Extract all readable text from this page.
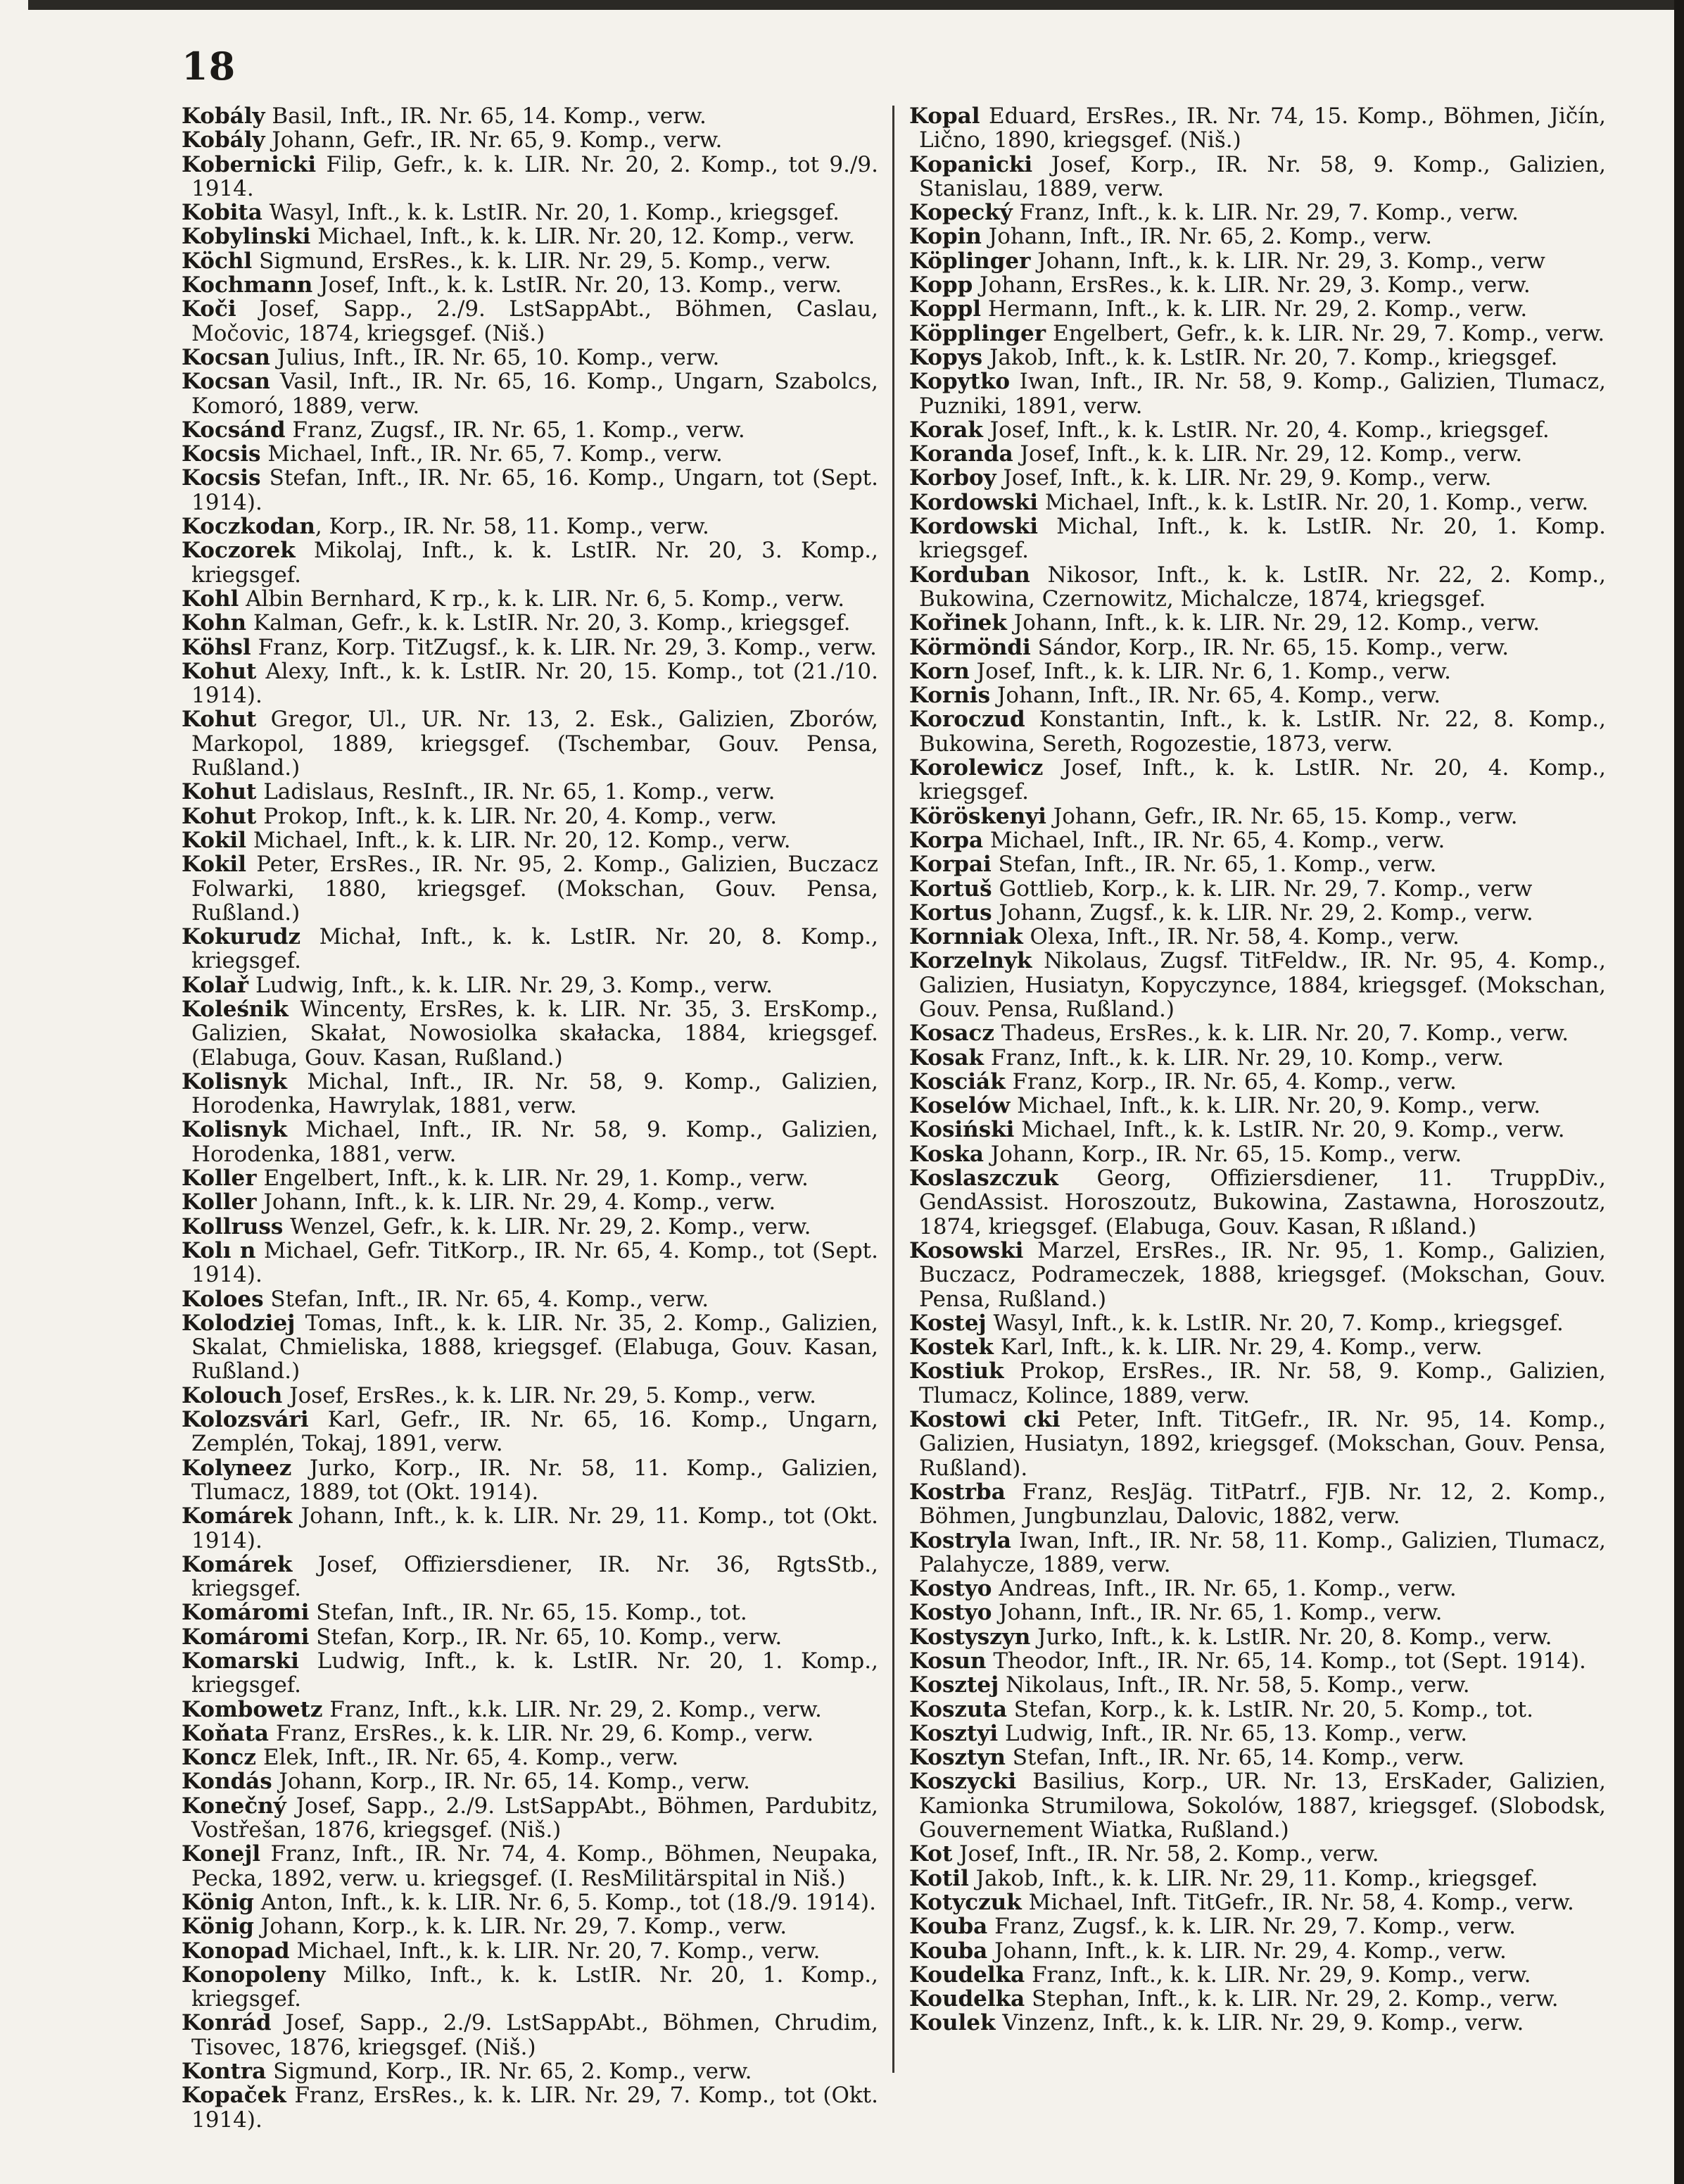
18

Kobály Basil, Inft., IR. Nr. 65, 14. Komp., verw.

Kobály Johann, Gefr., IR. Nr. 65, 9. Komp., verw.

Kobernicki Filip, Gefr., k. k. LIR. Nr. 20, 2. Komp., tot 9./9. 1914.

Kobita Wasyl, Inft., k. k. LstIR. Nr. 20, 1. Komp., kriegsgef.

Kobylinski Michael, Inft., k. k. LIR. Nr. 20, 12. Komp., verw.

Köchl Sigmund, ErsRes., k. k. LIR. Nr. 29, 5. Komp., verw.

Kochmann Josef, Inft., k. k. LstIR. Nr. 20, 13. Komp., verw.

Koči Josef, Sapp., 2./9. LstSappAbt., Böhmen, Caslau, Močovic, 1874, kriegsgef. (Niš.)

Kocsan Julius, Inft., IR. Nr. 65, 10. Komp., verw.

Kocsan Vasil, Inft., IR. Nr. 65, 16. Komp., Ungarn, Szabolcs, Komoró, 1889, verw.

Kocsánd Franz, Zugsf., IR. Nr. 65, 1. Komp., verw.

Kocsis Michael, Inft., IR. Nr. 65, 7. Komp., verw.

Kocsis Stefan, Inft., IR. Nr. 65, 16. Komp., Ungarn, tot (Sept. 1914).

Koczkodan, Korp., IR. Nr. 58, 11. Komp., verw.

Koczorek Mikolaj, Inft., k. k. LstIR. Nr. 20, 3. Komp., kriegsgef.

Kohl Albin Bernhard, K rp., k. k. LIR. Nr. 6, 5. Komp., verw.

Kohn Kalman, Gefr., k. k. LstIR. Nr. 20, 3. Komp., kriegsgef.

Köhsl Franz, Korp. TitZugsf., k. k. LIR. Nr. 29, 3. Komp., verw.

Kohut Alexy, Inft., k. k. LstIR. Nr. 20, 15. Komp., tot (21./10. 1914).

Kohut Gregor, Ul., UR. Nr. 13, 2. Esk., Galizien, Zborów, Markopol, 1889, kriegsgef. (Tschembar, Gouv. Pensa, Rußland.)

Kohut Ladislaus, ResInft., IR. Nr. 65, 1. Komp., verw.

Kohut Prokop, Inft., k. k. LIR. Nr. 20, 4. Komp., verw.

Kokil Michael, Inft., k. k. LIR. Nr. 20, 12. Komp., verw.

Kokil Peter, ErsRes., IR. Nr. 95, 2. Komp., Galizien, Buczacz Folwarki, 1880, kriegsgef. (Mokschan, Gouv. Pensa, Rußland.)

Kokurudz Michał, Inft., k. k. LstIR. Nr. 20, 8. Komp., kriegsgef.

Kolař Ludwig, Inft., k. k. LIR. Nr. 29, 3. Komp., verw.

Koleśnik Wincenty, ErsRes, k. k. LIR. Nr. 35, 3. ErsKomp., Galizien, Skałat, Nowosiolka skałacka, 1884, kriegsgef. (Elabuga, Gouv. Kasan, Rußland.)

Kolisnyk Michal, Inft., IR. Nr. 58, 9. Komp., Galizien, Horodenka, Hawrylak, 1881, verw.

Kolisnyk Michael, Inft., IR. Nr. 58, 9. Komp., Galizien, Horodenka, 1881, verw.

Koller Engelbert, Inft., k. k. LIR. Nr. 29, 1. Komp., verw.

Koller Johann, Inft., k. k. LIR. Nr. 29, 4. Komp., verw.

Kollruss Wenzel, Gefr., k. k. LIR. Nr. 29, 2. Komp., verw.

Kolı n Michael, Gefr. TitKorp., IR. Nr. 65, 4. Komp., tot (Sept. 1914).

Koloes Stefan, Inft., IR. Nr. 65, 4. Komp., verw.

Kolodziej Tomas, Inft., k. k. LIR. Nr. 35, 2. Komp., Galizien, Skalat, Chmieliska, 1888, kriegsgef. (Elabuga, Gouv. Kasan, Rußland.)

Kolouch Josef, ErsRes., k. k. LIR. Nr. 29, 5. Komp., verw.

Kolozsvári Karl, Gefr., IR. Nr. 65, 16. Komp., Ungarn, Zemplén, Tokaj, 1891, verw.

Kolyneez Jurko, Korp., IR. Nr. 58, 11. Komp., Galizien, Tlumacz, 1889, tot (Okt. 1914).

Komárek Johann, Inft., k. k. LIR. Nr. 29, 11. Komp., tot (Okt. 1914).

Komárek Josef, Offiziersdiener, IR. Nr. 36, RgtsStb., kriegsgef.

Komáromi Stefan, Inft., IR. Nr. 65, 15. Komp., tot.

Komáromi Stefan, Korp., IR. Nr. 65, 10. Komp., verw.

Komarski Ludwig, Inft., k. k. LstIR. Nr. 20, 1. Komp., kriegsgef.

Kombowetz Franz, Inft., k.k. LIR. Nr. 29, 2. Komp., verw.

Koňata Franz, ErsRes., k. k. LIR. Nr. 29, 6. Komp., verw.

Koncz Elek, Inft., IR. Nr. 65, 4. Komp., verw.

Kondás Johann, Korp., IR. Nr. 65, 14. Komp., verw.

Konečný Josef, Sapp., 2./9. LstSappAbt., Böhmen, Pardubitz, Vostřešan, 1876, kriegsgef. (Niš.)

Konejl Franz, Inft., IR. Nr. 74, 4. Komp., Böhmen, Neupaka, Pecka, 1892, verw. u. kriegsgef. (I. ResMilitärspital in Niš.)

König Anton, Inft., k. k. LIR. Nr. 6, 5. Komp., tot (18./9. 1914).

König Johann, Korp., k. k. LIR. Nr. 29, 7. Komp., verw.

Konopad Michael, Inft., k. k. LIR. Nr. 20, 7. Komp., verw.

Konopoleny Milko, Inft., k. k. LstIR. Nr. 20, 1. Komp., kriegsgef.

Konrád Josef, Sapp., 2./9. LstSappAbt., Böhmen, Chrudim, Tisovec, 1876, kriegsgef. (Niš.)

Kontra Sigmund, Korp., IR. Nr. 65, 2. Komp., verw.

Kopaček Franz, ErsRes., k. k. LIR. Nr. 29, 7. Komp., tot (Okt. 1914).

Kopal Eduard, ErsRes., IR. Nr. 74, 15. Komp., Böhmen, Jičín, Lično, 1890, kriegsgef. (Niš.)

Kopanicki Josef, Korp., IR. Nr. 58, 9. Komp., Galizien, Stanislau, 1889, verw.

Kopecký Franz, Inft., k. k. LIR. Nr. 29, 7. Komp., verw.

Kopin Johann, Inft., IR. Nr. 65, 2. Komp., verw.

Köplinger Johann, Inft., k. k. LIR. Nr. 29, 3. Komp., verw

Kopp Johann, ErsRes., k. k. LIR. Nr. 29, 3. Komp., verw.

Koppl Hermann, Inft., k. k. LIR. Nr. 29, 2. Komp., verw.

Köpplinger Engelbert, Gefr., k. k. LIR. Nr. 29, 7. Komp., verw.

Kopys Jakob, Inft., k. k. LstIR. Nr. 20, 7. Komp., kriegsgef.

Kopytko Iwan, Inft., IR. Nr. 58, 9. Komp., Galizien, Tlumacz, Puzniki, 1891, verw.

Korak Josef, Inft., k. k. LstIR. Nr. 20, 4. Komp., kriegsgef.

Koranda Josef, Inft., k. k. LIR. Nr. 29, 12. Komp., verw.

Korboy Josef, Inft., k. k. LIR. Nr. 29, 9. Komp., verw.

Kordowski Michael, Inft., k. k. LstIR. Nr. 20, 1. Komp., verw.

Kordowski Michal, Inft., k. k. LstIR. Nr. 20, 1. Komp. kriegsgef.

Korduban Nikosor, Inft., k. k. LstIR. Nr. 22, 2. Komp., Bukowina, Czernowitz, Michalcze, 1874, kriegsgef.

Kořinek Johann, Inft., k. k. LIR. Nr. 29, 12. Komp., verw.

Körmöndi Sándor, Korp., IR. Nr. 65, 15. Komp., verw.

Korn Josef, Inft., k. k. LIR. Nr. 6, 1. Komp., verw.

Kornis Johann, Inft., IR. Nr. 65, 4. Komp., verw.

Koroczud Konstantin, Inft., k. k. LstIR. Nr. 22, 8. Komp., Bukowina, Sereth, Rogozestie, 1873, verw.

Korolewicz Josef, Inft., k. k. LstIR. Nr. 20, 4. Komp., kriegsgef.

Köröskenyi Johann, Gefr., IR. Nr. 65, 15. Komp., verw.

Korpa Michael, Inft., IR. Nr. 65, 4. Komp., verw.

Korpai Stefan, Inft., IR. Nr. 65, 1. Komp., verw.

Kortuš Gottlieb, Korp., k. k. LIR. Nr. 29, 7. Komp., verw

Kortus Johann, Zugsf., k. k. LIR. Nr. 29, 2. Komp., verw.

Kornniak Olexa, Inft., IR. Nr. 58, 4. Komp., verw.

Korzelnyk Nikolaus, Zugsf. TitFeldw., IR. Nr. 95, 4. Komp., Galizien, Husiatyn, Kopyczynce, 1884, kriegsgef. (Mokschan, Gouv. Pensa, Rußland.)

Kosacz Thadeus, ErsRes., k. k. LIR. Nr. 20, 7. Komp., verw.

Kosak Franz, Inft., k. k. LIR. Nr. 29, 10. Komp., verw.

Kosciák Franz, Korp., IR. Nr. 65, 4. Komp., verw.

Koselów Michael, Inft., k. k. LIR. Nr. 20, 9. Komp., verw.

Kosiński Michael, Inft., k. k. LstIR. Nr. 20, 9. Komp., verw.

Koska Johann, Korp., IR. Nr. 65, 15. Komp., verw.

Koslaszczuk Georg, Offiziersdiener, 11. TruppDiv., GendAssist. Horoszoutz, Bukowina, Zastawna, Horoszoutz, 1874, kriegsgef. (Elabuga, Gouv. Kasan, R ıßland.)

Kosowski Marzel, ErsRes., IR. Nr. 95, 1. Komp., Galizien, Buczacz, Podrameczek, 1888, kriegsgef. (Mokschan, Gouv. Pensa, Rußland.)

Kostej Wasyl, Inft., k. k. LstIR. Nr. 20, 7. Komp., kriegsgef.

Kostek Karl, Inft., k. k. LIR. Nr. 29, 4. Komp., verw.

Kostiuk Prokop, ErsRes., IR. Nr. 58, 9. Komp., Galizien, Tlumacz, Kolince, 1889, verw.

Kostowi cki Peter, Inft. TitGefr., IR. Nr. 95, 14. Komp., Galizien, Husiatyn, 1892, kriegsgef. (Mokschan, Gouv. Pensa, Rußland).

Kostrba Franz, ResJäg. TitPatrf., FJB. Nr. 12, 2. Komp., Böhmen, Jungbunzlau, Dalovic, 1882, verw.

Kostryla Iwan, Inft., IR. Nr. 58, 11. Komp., Galizien, Tlumacz, Palahycze, 1889, verw.

Kostyo Andreas, Inft., IR. Nr. 65, 1. Komp., verw.

Kostyo Johann, Inft., IR. Nr. 65, 1. Komp., verw.

Kostyszyn Jurko, Inft., k. k. LstIR. Nr. 20, 8. Komp., verw.

Kosun Theodor, Inft., IR. Nr. 65, 14. Komp., tot (Sept. 1914).

Kosztej Nikolaus, Inft., IR. Nr. 58, 5. Komp., verw.

Koszuta Stefan, Korp., k. k. LstIR. Nr. 20, 5. Komp., tot.

Kosztyi Ludwig, Inft., IR. Nr. 65, 13. Komp., verw.

Kosztyn Stefan, Inft., IR. Nr. 65, 14. Komp., verw.

Koszycki Basilius, Korp., UR. Nr. 13, ErsKader, Galizien, Kamionka Strumilowa, Sokolów, 1887, kriegsgef. (Slobodsk, Gouvernement Wiatka, Rußland.)

Kot Josef, Inft., IR. Nr. 58, 2. Komp., verw.

Kotil Jakob, Inft., k. k. LIR. Nr. 29, 11. Komp., kriegsgef.

Kotyczuk Michael, Inft. TitGefr., IR. Nr. 58, 4. Komp., verw.

Kouba Franz, Zugsf., k. k. LIR. Nr. 29, 7. Komp., verw.

Kouba Johann, Inft., k. k. LIR. Nr. 29, 4. Komp., verw.

Koudelka Franz, Inft., k. k. LIR. Nr. 29, 9. Komp., verw.

Koudelka Stephan, Inft., k. k. LIR. Nr. 29, 2. Komp., verw.

Koulek Vinzenz, Inft., k. k. LIR. Nr. 29, 9. Komp., verw.
